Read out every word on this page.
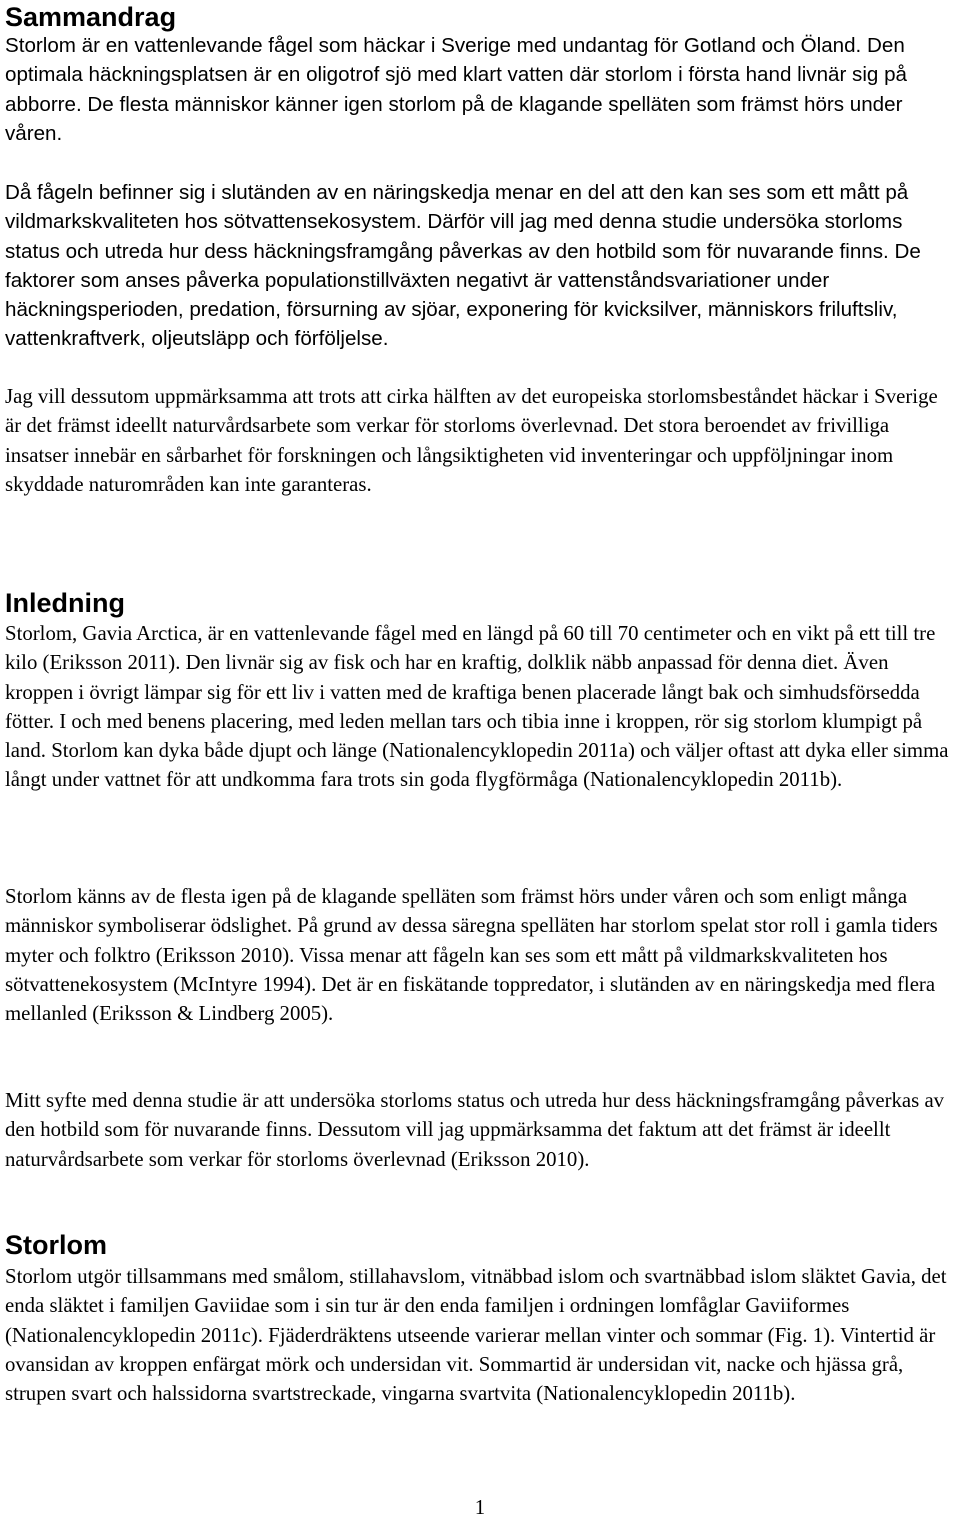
Sammandrag

Storlom är en vattenlevande fågel som häckar i Sverige med undantag för Gotland och Öland. Den optimala häckningsplatsen är en oligotrof sjö med klart vatten där storlom i första hand livnär sig på abborre. De flesta människor känner igen storlom på de klagande spelläten som främst hörs under våren.

Då fågeln befinner sig i slutänden av en näringskedja menar en del att den kan ses som ett mått på vildmarkskvaliteten hos sötvattensekosystem. Därför vill jag med denna studie undersöka storloms status och utreda hur dess häckningsframgång påverkas av den hotbild som för nuvarande finns. De faktorer som anses påverka populationstillväxten negativt är vattenståndsvariationer under häckningsperioden, predation, försurning av sjöar, exponering för kvicksilver, människors friluftsliv, vattenkraftverk, oljeutsläpp och förföljelse.

Jag vill dessutom uppmärksamma att trots att cirka hälften av det europeiska storlomsbeståndet häckar i Sverige är det främst ideellt naturvårdsarbete som verkar för storloms överlevnad. Det stora beroendet av frivilliga insatser innebär en sårbarhet för forskningen och långsiktigheten vid inventeringar och uppföljningar inom skyddade naturområden kan inte garanteras.

Inledning

Storlom, Gavia Arctica, är en vattenlevande fågel med en längd på 60 till 70 centimeter och en vikt på ett till tre kilo (Eriksson 2011). Den livnär sig av fisk och har en kraftig, dolklik näbb anpassad för denna diet. Även kroppen i övrigt lämpar sig för ett liv i vatten med de kraftiga benen placerade långt bak och simhudsförsedda fötter. I och med benens placering, med leden mellan tars och tibia inne i kroppen, rör sig storlom klumpigt på land. Storlom kan dyka både djupt och länge (Nationalencyklopedin 2011a) och väljer oftast att dyka eller simma långt under vattnet för att undkomma fara trots sin goda flygförmåga (Nationalencyklopedin 2011b).

Storlom känns av de flesta igen på de klagande spelläten som främst hörs under våren och som enligt många människor symboliserar ödslighet. På grund av dessa säregna spelläten har storlom spelat stor roll i gamla tiders myter och folktro (Eriksson 2010). Vissa menar att fågeln kan ses som ett mått på vildmarkskvaliteten hos sötvattenekosystem (McIntyre 1994). Det är en fiskätande toppredator, i slutänden av en näringskedja med flera mellanled (Eriksson & Lindberg 2005).

Mitt syfte med denna studie är att undersöka storloms status och utreda hur dess häckningsframgång påverkas av den hotbild som för nuvarande finns. Dessutom vill jag uppmärksamma det faktum att det främst är ideellt naturvårdsarbete som verkar för storloms överlevnad (Eriksson 2010).

Storlom

Storlom utgör tillsammans med smålom, stillahavslom, vitnäbbad islom och svartnäbbad islom släktet Gavia, det enda släktet i familjen Gaviidae som i sin tur är den enda familjen i ordningen lomfåglar Gaviiformes (Nationalencyklopedin 2011c). Fjäderdräktens utseende varierar mellan vinter och sommar (Fig. 1). Vintertid är ovansidan av kroppen enfärgat mörk och undersidan vit. Sommartid är undersidan vit, nacke och hjässa grå, strupen svart och halssidorna svartstreckade, vingarna svartvita (Nationalencyklopedin 2011b).

1
